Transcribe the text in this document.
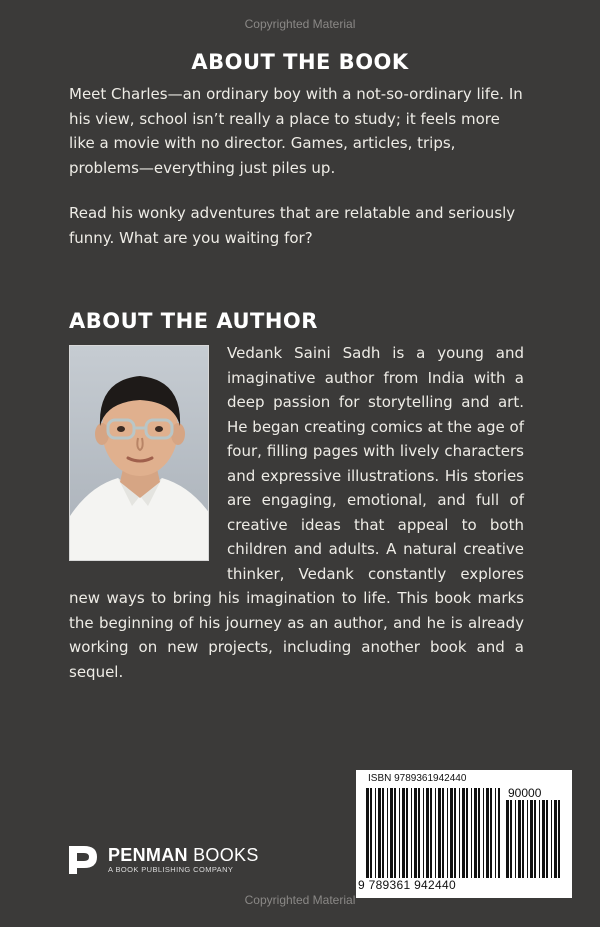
Copyrighted Material
ABOUT THE BOOK
Meet Charles—an ordinary boy with a not-so-ordinary life. In his view, school isn’t really a place to study; it feels more like a movie with no director. Games, articles, trips, problems—everything just piles up.
Read his wonky adventures that are relatable and seriously funny. What are you waiting for?
ABOUT THE AUTHOR
Vedank Saini Sadh is a young and imaginative author from India with a deep passion for storytelling and art. He began creating comics at the age of four, filling pages with lively characters and expressive illustrations. His stories are engaging, emotional, and full of creative ideas that appeal to both children and adults. A natural creative thinker, Vedank constantly explores new ways to bring his imagination to life. This book marks the beginning of his journey as an author, and he is already working on new projects, including another book and a sequel.
PENMAN BOOKS
A BOOK PUBLISHING COMPANY
ISBN 9789361942440
90000
9 789361 942440
Copyrighted Material
